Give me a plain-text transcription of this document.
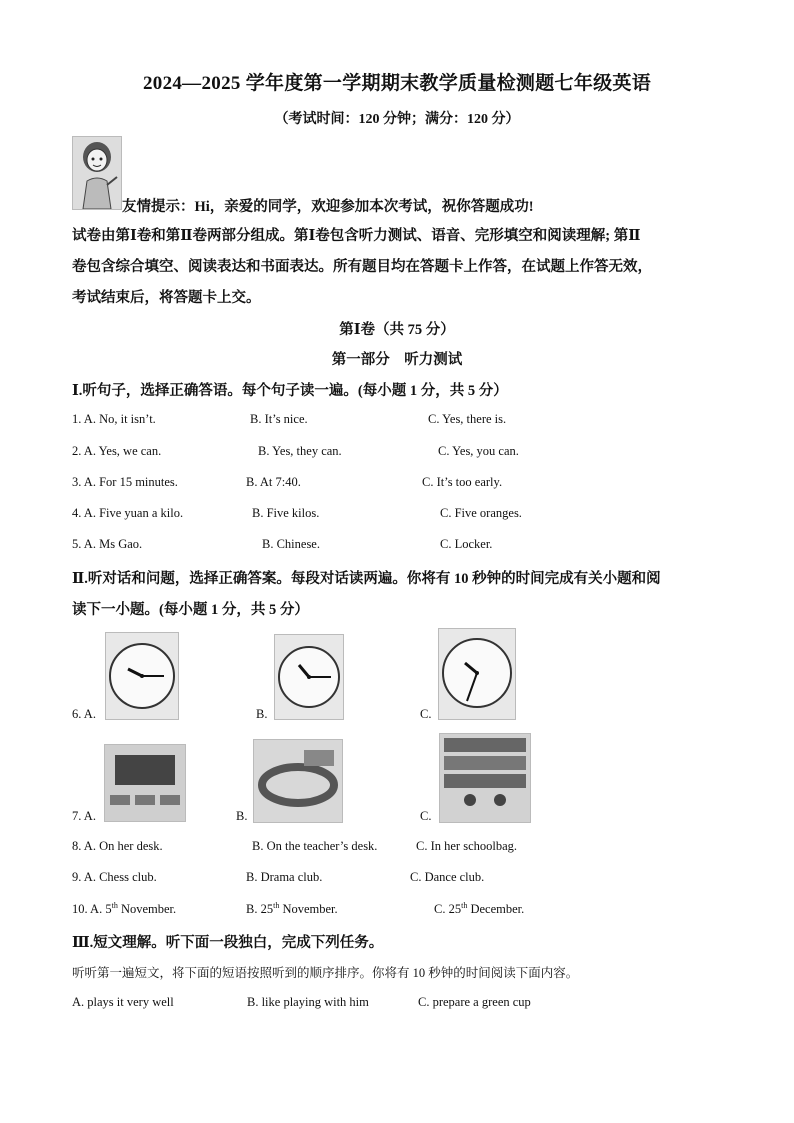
2024—2025 学年度第一学期期末教学质量检测题七年级英语
（考试时间：120 分钟；满分：120 分）
友情提示：Hi，亲爱的同学，欢迎参加本次考试，祝你答题成功!
试卷由第Ⅰ卷和第Ⅱ卷两部分组成。第Ⅰ卷包含听力测试、语音、完形填空和阅读理解; 第Ⅱ
卷包含综合填空、阅读表达和书面表达。所有题目均在答题卡上作答，在试题上作答无效，
考试结束后，将答题卡上交。
第Ⅰ卷（共 75 分）
第一部分　听力测试
Ⅰ.听句子，选择正确答语。每个句子读一遍。(每小题 1 分，共 5 分）
1. A. No, it isn’t.	B. It’s nice.	C. Yes, there is.
2. A. Yes, we can.	B. Yes, they can.	C. Yes, you can.
3. A. For 15 minutes.	B. At 7:40.	C. It’s too early.
4. A. Five yuan a kilo.	B. Five kilos.	C. Five oranges.
5. A. Ms Gao.	B. Chinese.	C. Locker.
Ⅱ.听对话和问题，选择正确答案。每段对话读两遍。你将有 10 秒钟的时间完成有关小题和阅
读下一小题。(每小题 1 分，共 5 分）
6. A.	B.	C.
7. A.	B.	C.
8. A. On her desk.	B. On the teacher’s desk.	C. In her schoolbag.
9. A. Chess club.	B. Drama club.	C. Dance club.
10. A. 5th November.	B. 25th November.	C. 25th December.
Ⅲ.短文理解。听下面一段独白，完成下列任务。
听听第一遍短文，将下面的短语按照听到的顺序排序。你将有 10 秒钟的时间阅读下面内容。
A. plays it very well	B. like playing with him	C. prepare a green cup
